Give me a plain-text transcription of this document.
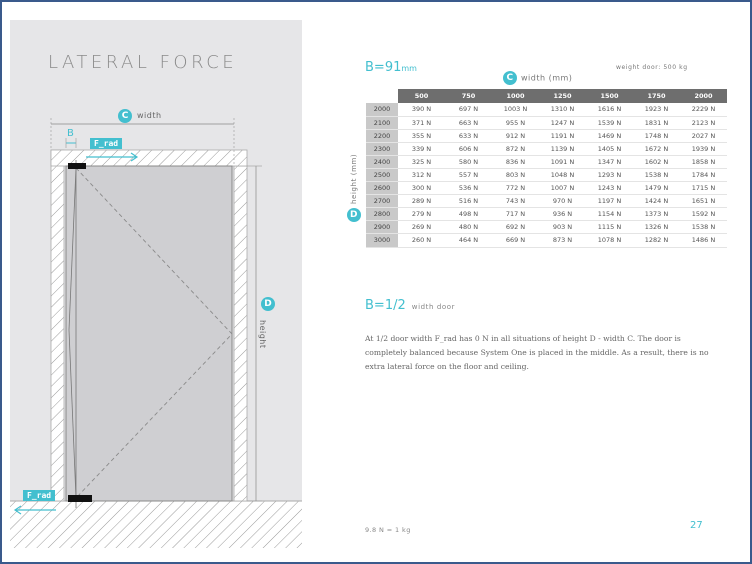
LATERAL FORCE
C	width
B
F_rad
F_rad
D
height
B=91mm	weight door: 500 kg
C width (mm)
Dheight (mm)
	500	750	1000	1250	1500	1750	2000
2000	390 N	697 N	1003 N	1310 N	1616 N	1923 N	2229 N
2100	371 N	663 N	955 N	1247 N	1539 N	1831 N	2123 N
2200	355 N	633 N	912 N	1191 N	1469 N	1748 N	2027 N
2300	339 N	606 N	872 N	1139 N	1405 N	1672 N	1939 N
2400	325 N	580 N	836 N	1091 N	1347 N	1602 N	1858 N
2500	312 N	557 N	803 N	1048 N	1293 N	1538 N	1784 N
2600	300 N	536 N	772 N	1007 N	1243 N	1479 N	1715 N
2700	289 N	516 N	743 N	970 N	1197 N	1424 N	1651 N
2800	279 N	498 N	717 N	936 N	1154 N	1373 N	1592 N
2900	269 N	480 N	692 N	903 N	1115 N	1326 N	1538 N
3000	260 N	464 N	669 N	873 N	1078 N	1282 N	1486 N
B=1/2 width door
At 1/2 door width F_rad has 0 N in all situations of height D - width C. The door is completely balanced because System One is placed in the middle. As a result, there is no extra lateral force on the floor and ceiling.
9.8 N = 1 kg	27
